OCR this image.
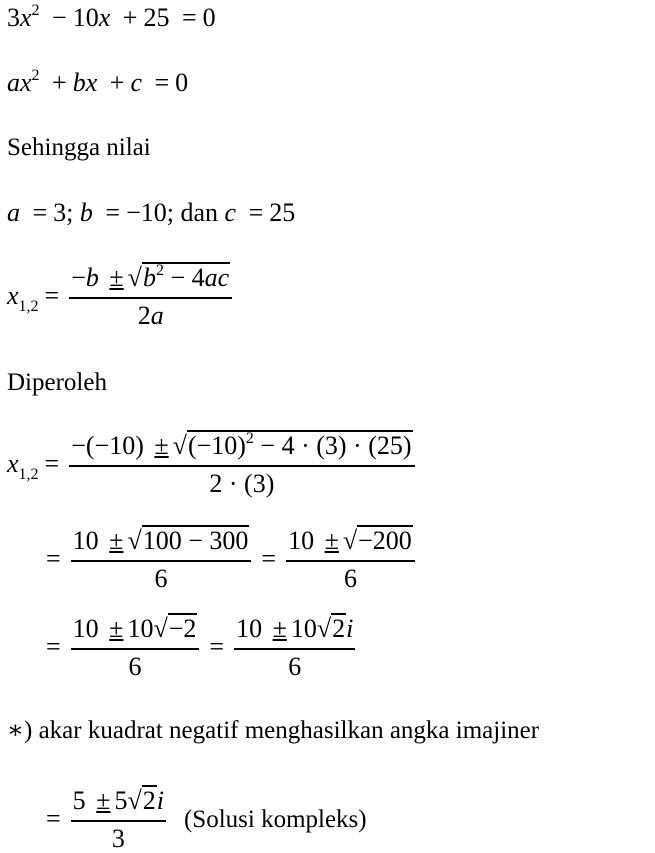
$3x^2 - 10x + 25 = 0$
$ax^2$ + bx + c = 0
Sehingga nilai
a = 3; b = −10; dan c = 25
$x_{1,2} = \frac{-b \pm √b^2 - 4ac}{2a}$
Diperoleh
$x_{1,2} = \frac{-(-10) \pm √(-10)^2 - 4 \cdot (3) \cdot (25)}{2 \cdot (3)}$
= $\frac{10 \pm √100 - 300}{6} = \frac{10 \pm √-200}{6}$
= $\frac{10 \pm 10√-2}{6} = \frac{10 \pm 10√2i}{6}$
∗) akar kuadrat negatif menghasilkan angka imajiner
= $\frac{5 \pm 5√2i}{3}$ (Solusi kompleks)
